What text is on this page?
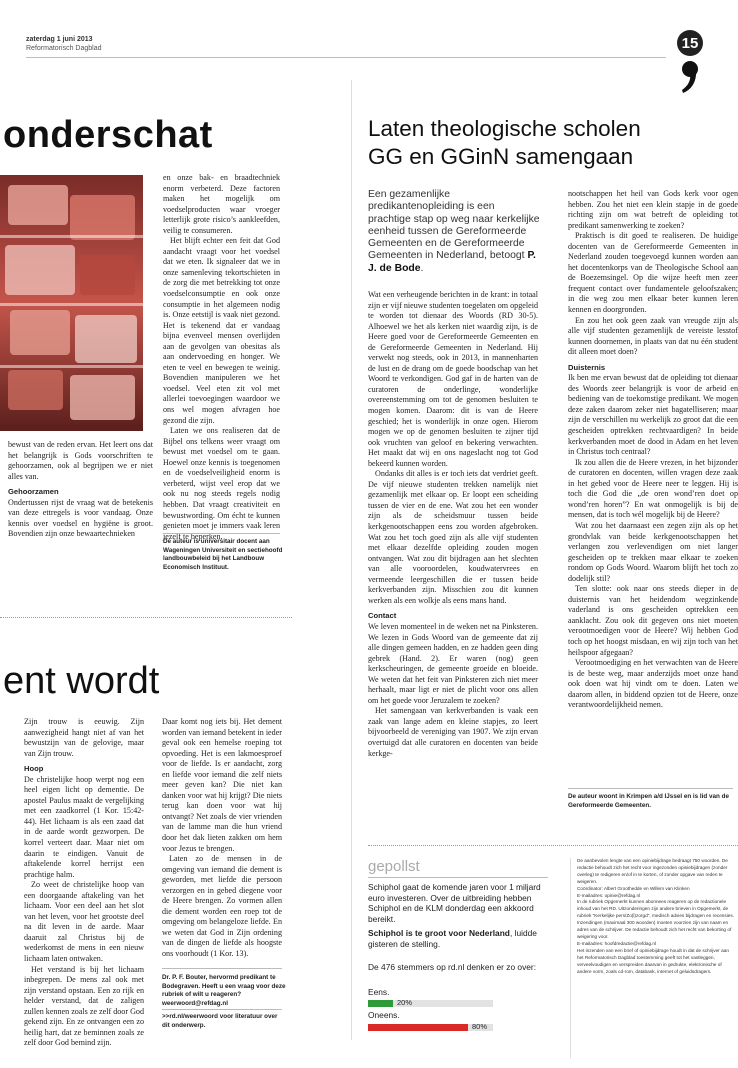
zaterdag 1 juni 2013
Reformatorisch Dagblad	15
onderschat

bewust van de reden ervan. Het leert ons dat het belangrijk is Gods voorschriften te gehoorzamen, ook al begrijpen we er niet alles van.

Gehoorzamen

Ondertussen rijst de vraag wat de betekenis van deze ettregels is voor vandaag. Onze kennis over voedsel en hygiëne is groot. Bovendien zijn onze bewaartechnieken

en onze bak- en braadtechniek enorm verbeterd. Deze factoren maken het mogelijk om voedselproducten waar vroeger letterlijk grote risico’s aankleefden, veilig te consumeren.

Het blijft echter een feit dat God aandacht vraagt voor het voedsel dat we eten. Ik signaleer dat we in onze samenleving tekortschieten in de zorg die met betrekking tot onze voedselconsumptie en ook onze consumptie in het algemeen nodig is. Onze eetstijl is vaak niet gezond. Het is tekenend dat er vandaag bijna evenveel mensen overlijden aan de gevolgen van obesitas als aan ondervoeding en honger. We eten te veel en bewegen te weinig. Bovendien manipuleren we het voedsel. Veel eten zit vol met allerlei toevoegingen waardoor we ons wel mogen afvragen hoe gezond die zijn.

Laten we ons realiseren dat de Bijbel ons telkens weer vraagt om bewust met voedsel om te gaan. Hoewel onze kennis is toegenomen en de voedselveiligheid enorm is verbeterd, wijst veel erop dat we ook nu nog steeds regels nodig hebben. Dat vraagt creativiteit en bewustwording. Om écht te kunnen genieten moet je immers vaak leren jezelf te beperken.

De auteur is universitair docent aan Wageningen Universiteit en sectiehoofd landbouwbeleid bij het Landbouw Economisch Instituut.
ent wordt

Zijn trouw is eeuwig. Zijn aanwezigheid hangt niet af van het bewustzijn van de gelovige, maar van Zijn trouw.

Hoop

De christelijke hoop werpt nog een heel eigen licht op dementie. De apostel Paulus maakt de vergelijking met een zaadkorrel (1 Kor. 15:42-44). Het lichaam is als een zaad dat in de aarde wordt gezworpen. De korrel verteert daar. Maar niet om daarin te eindigen. Vanuit de aftakelende korrel herrijst een prachtige halm.

Zo weet de christelijke hoop van een doorgaande aftakeling van het lichaam. Voor een deel aan het slot van het leven, voor het grootste deel na dit leven in de aarde. Maar daaruit zal Christus bij de wederkomst de mens in een nieuw lichaam laten ontwaken.

Het verstand is bij het lichaam inbegrepen. De mens zal ook met zijn verstand opstaan. Een zo rijk en helder verstand, dat de zaligen zullen kennen zoals ze zelf door God gekend zijn. En ze ontvangen een zo heilig hart, dat ze beminnen zoals ze zelf door God bemind zijn.

Daar komt nog iets bij. Het dement worden van iemand betekent in ieder geval ook een hemelse roeping tot opvoeding. Het is een lakmoesproef voor de liefde. Is er aandacht, zorg en liefde voor iemand die zelf niets meer geven kan? Die niet kan danken voor wat hij krijgt? Die niets terug kan doen voor wat hij ontvangt? Net zoals de vier vrienden van de lamme man die hun vriend door het dak lieten zakken om hem voor Jezus te brengen.

Laten zo de mensen in de omgeving van iemand die dement is geworden, met liefde die persoon verzorgen en in gebed diegene voor de Heere brengen. Zo vormen allen die dement worden een roep tot de omgeving om belangeloze liefde. En we weten dat God in Zijn ordening van de dingen de liefde als hoogste ons voorhoudt (1 Kor. 13).

Dr. P. F. Bouter, hervormd predikant te Bodegraven. Heeft u een vraag voor deze rubriek of wilt u reageren? weerwoord@refdag.nl
>>rd.nl/weerwoord voor literatuur over dit onderwerp.
Laten theologische scholen
GG en GGinN samengaan
Een gezamenlijke predikantenopleiding is een prachtige stap op weg naar kerkelijke eenheid tussen de Gereformeerde Gemeenten en de Gereformeerde Gemeenten in Nederland, betoogt P. J. de Bode.

Wat een verheugende berichten in de krant: in totaal zijn er vijf nieuwe studenten toegelaten om opgeleid te worden tot dienaar des Woords (RD 30-5). Alhoewel we het als kerken niet waardig zijn, is de Heere goed voor de Gereformeerde Gemeenten en de Gereformeerde Gemeenten in Nederland. Hij verwekt nog steeds, ook in 2013, in mannenharten de lust en de drang om de goede boodschap van het Woord te verkondigen. God gaf in de harten van de curatoren de onderlinge, wonderlijke overeenstemming om tot de genomen besluiten te mogen komen. Daarom: dit is van de Heere geschied; het is wonderlijk in onze ogen. Hierom mogen we op de genomen besluiten te zijner tijd ook vruchten van geloof en bekering verwachten. Het maakt dat wij en ons nageslacht nog tot God bekeerd kunnen worden.

Ondanks dit alles is er toch iets dat verdriet geeft. De vijf nieuwe studenten trekken namelijk niet gezamenlijk met elkaar op. Er loopt een scheiding tussen de vier en de ene. Wat zou het een wonder zijn als de scheidsmuur tussen beide kerkgenootschappen eens zou worden afgebroken. Wat zou het toch goed zijn als alle vijf studenten met elkaar dezelfde opleiding zouden mogen ontvangen. Wat zou dit bijdragen aan het slechten van alle vooroordelen, koudwatervrees en vermeende leergeschillen die er tussen beide kerkverbanden zijn. Misschien zou dit kunnen werken als een wolkje als eens mans hand.

Contact

We leven momenteel in de weken net na Pinksteren. We lezen in Gods Woord van de gemeente dat zij alle dingen gemeen hadden, en ze hadden geen ding gebrek (Hand. 2). Er waren (nog) geen kerkscheuringen, de gemeente groeide en bloeide. We weten dat het feit van Pinksteren zich niet meer herhaalt, maar ligt er niet de plicht voor ons allen om het goede voor Jeruzalem te zoeken?

Het samengaan van kerkverbanden is vaak een zaak van lange adem en kleine stapjes, zo leert bijvoorbeeld de vereniging van 1907. We zijn ervan overtuigd dat alle curatoren en docenten van beide kerkge-

nootschappen het heil van Gods kerk voor ogen hebben. Zou het niet een klein stapje in de goede richting zijn om wat betreft de opleiding tot predikant samenwerking te zoeken?

Praktisch is dit goed te realiseren. De huidige docenten van de Gereformeerde Gemeenten in Nederland zouden toegevoegd kunnen worden aan het docentenkorps van de Theologische School aan de Boezemsingel. Op die wijze heeft men zeer frequent contact over fundamentele geloofszaken; in die weg zou men elkaar beter kunnen leren kennen en doorgronden.

En zou het ook geen zaak van vreugde zijn als alle vijf studenten gezamenlijk de vereiste lesstof kunnen doornemen, in plaats van dat nu één student dit alleen moet doen?

Duisternis

Ik ben me ervan bewust dat de opleiding tot dienaar des Woords zeer belangrijk is voor de arbeid en bediening van de toekomstige predikant. We mogen deze zaken daarom zeker niet bagatelliseren; maar zijn de verschillen nu werkelijk zo groot dat die een gescheiden optrekken rechtvaardigen? In beide kerkverbanden moet de dood in Adam en het leven in Christus toch centraal?

Ik zou allen die de Heere vrezen, in het bijzonder de curatoren en docenten, willen vragen deze zaak in het gebed voor de Heere neer te leggen. Hij is toch die God die „de oren wond’ren doet op wond’ren horen”? En wat onmogelijk is bij de mensen, dat is toch wél mogelijk bij de Heere?

Wat zou het daarnaast een zegen zijn als op het grondvlak van beide kerkgenootschappen het verlangen zou verlevendigen om niet langer gescheiden op te trekken maar elkaar te zoeken rondom op Gods Woord. Waarom blijft het toch zo dodelijk stil?

Ten slotte: ook naar ons steeds dieper in de duisternis van het heidendom wegzinkende vaderland is ons gescheiden optrekken een aanklacht. Zou ook dit gegeven ons niet moeten verootmoedigen voor de Heere? Wij hebben God toch op het hoogst misdaan, en wij zijn toch van het heilspoor afgegaan?

Verootmoediging en het verwachten van de Heere is de beste weg, maar anderzijds moet onze hand ook doen wat hij vindt om te doen. Laten we daarom allen, in biddend opzien tot de Heere, onze verantwoordelijkheid nemen.

De auteur woont in Krimpen a/d IJssel en is lid van de Gereformeerde Gemeenten.
gepollst
Schiphol gaat de komende jaren voor 1 miljard euro investeren. Over de uitbreiding hebben Schiphol en de KLM donderdag een akkoord bereikt.
Schiphol is te groot voor Nederland, luidde gisteren de stelling.
De 476 stemmers op rd.nl denken er zo over:
Eens.
20%
Oneens.
80%
De aanbevolen lengte van een opiniebijdrage bedraagt 750 woorden. De redactie behoudt zich het recht voor ingezonden opiniebijdragen (zonder overleg) te redigeren en/of in te korten, of zonder opgave van reden te weigeren.
Coördinator: Albert Groothedde en Willem van Klinken
E-mailadres: opinie@refdag.nl
In de rubriek Opgemerkt kunnen abonnees reageren op de redactionele inhoud van het RD. Uitzonderingen zijn andere brieven in Opgemerkt, de rubriek "Kerkelijke pers/Zo(l)zorgd", medisch advies bijdragen en recensies. Inzendingen (maximaal 300 woorden) moeten voorzien zijn van naam en adres van de schrijver. De redactie behoudt zich het recht van bekorting of weigering voor.
E-mailadres: hoofdredactie@refdag.nl
Het inzenden van een brief of opiniebijdrage houdt in dat de schrijver aan het Reformatorisch Dagblad toestemming geeft tot het vastleggen, verveelvoudigen en verspreiden daarvan in gedrukte, elektronische of andere vorm, zoals cd-rom, databank, internet of geluidsdragers.
